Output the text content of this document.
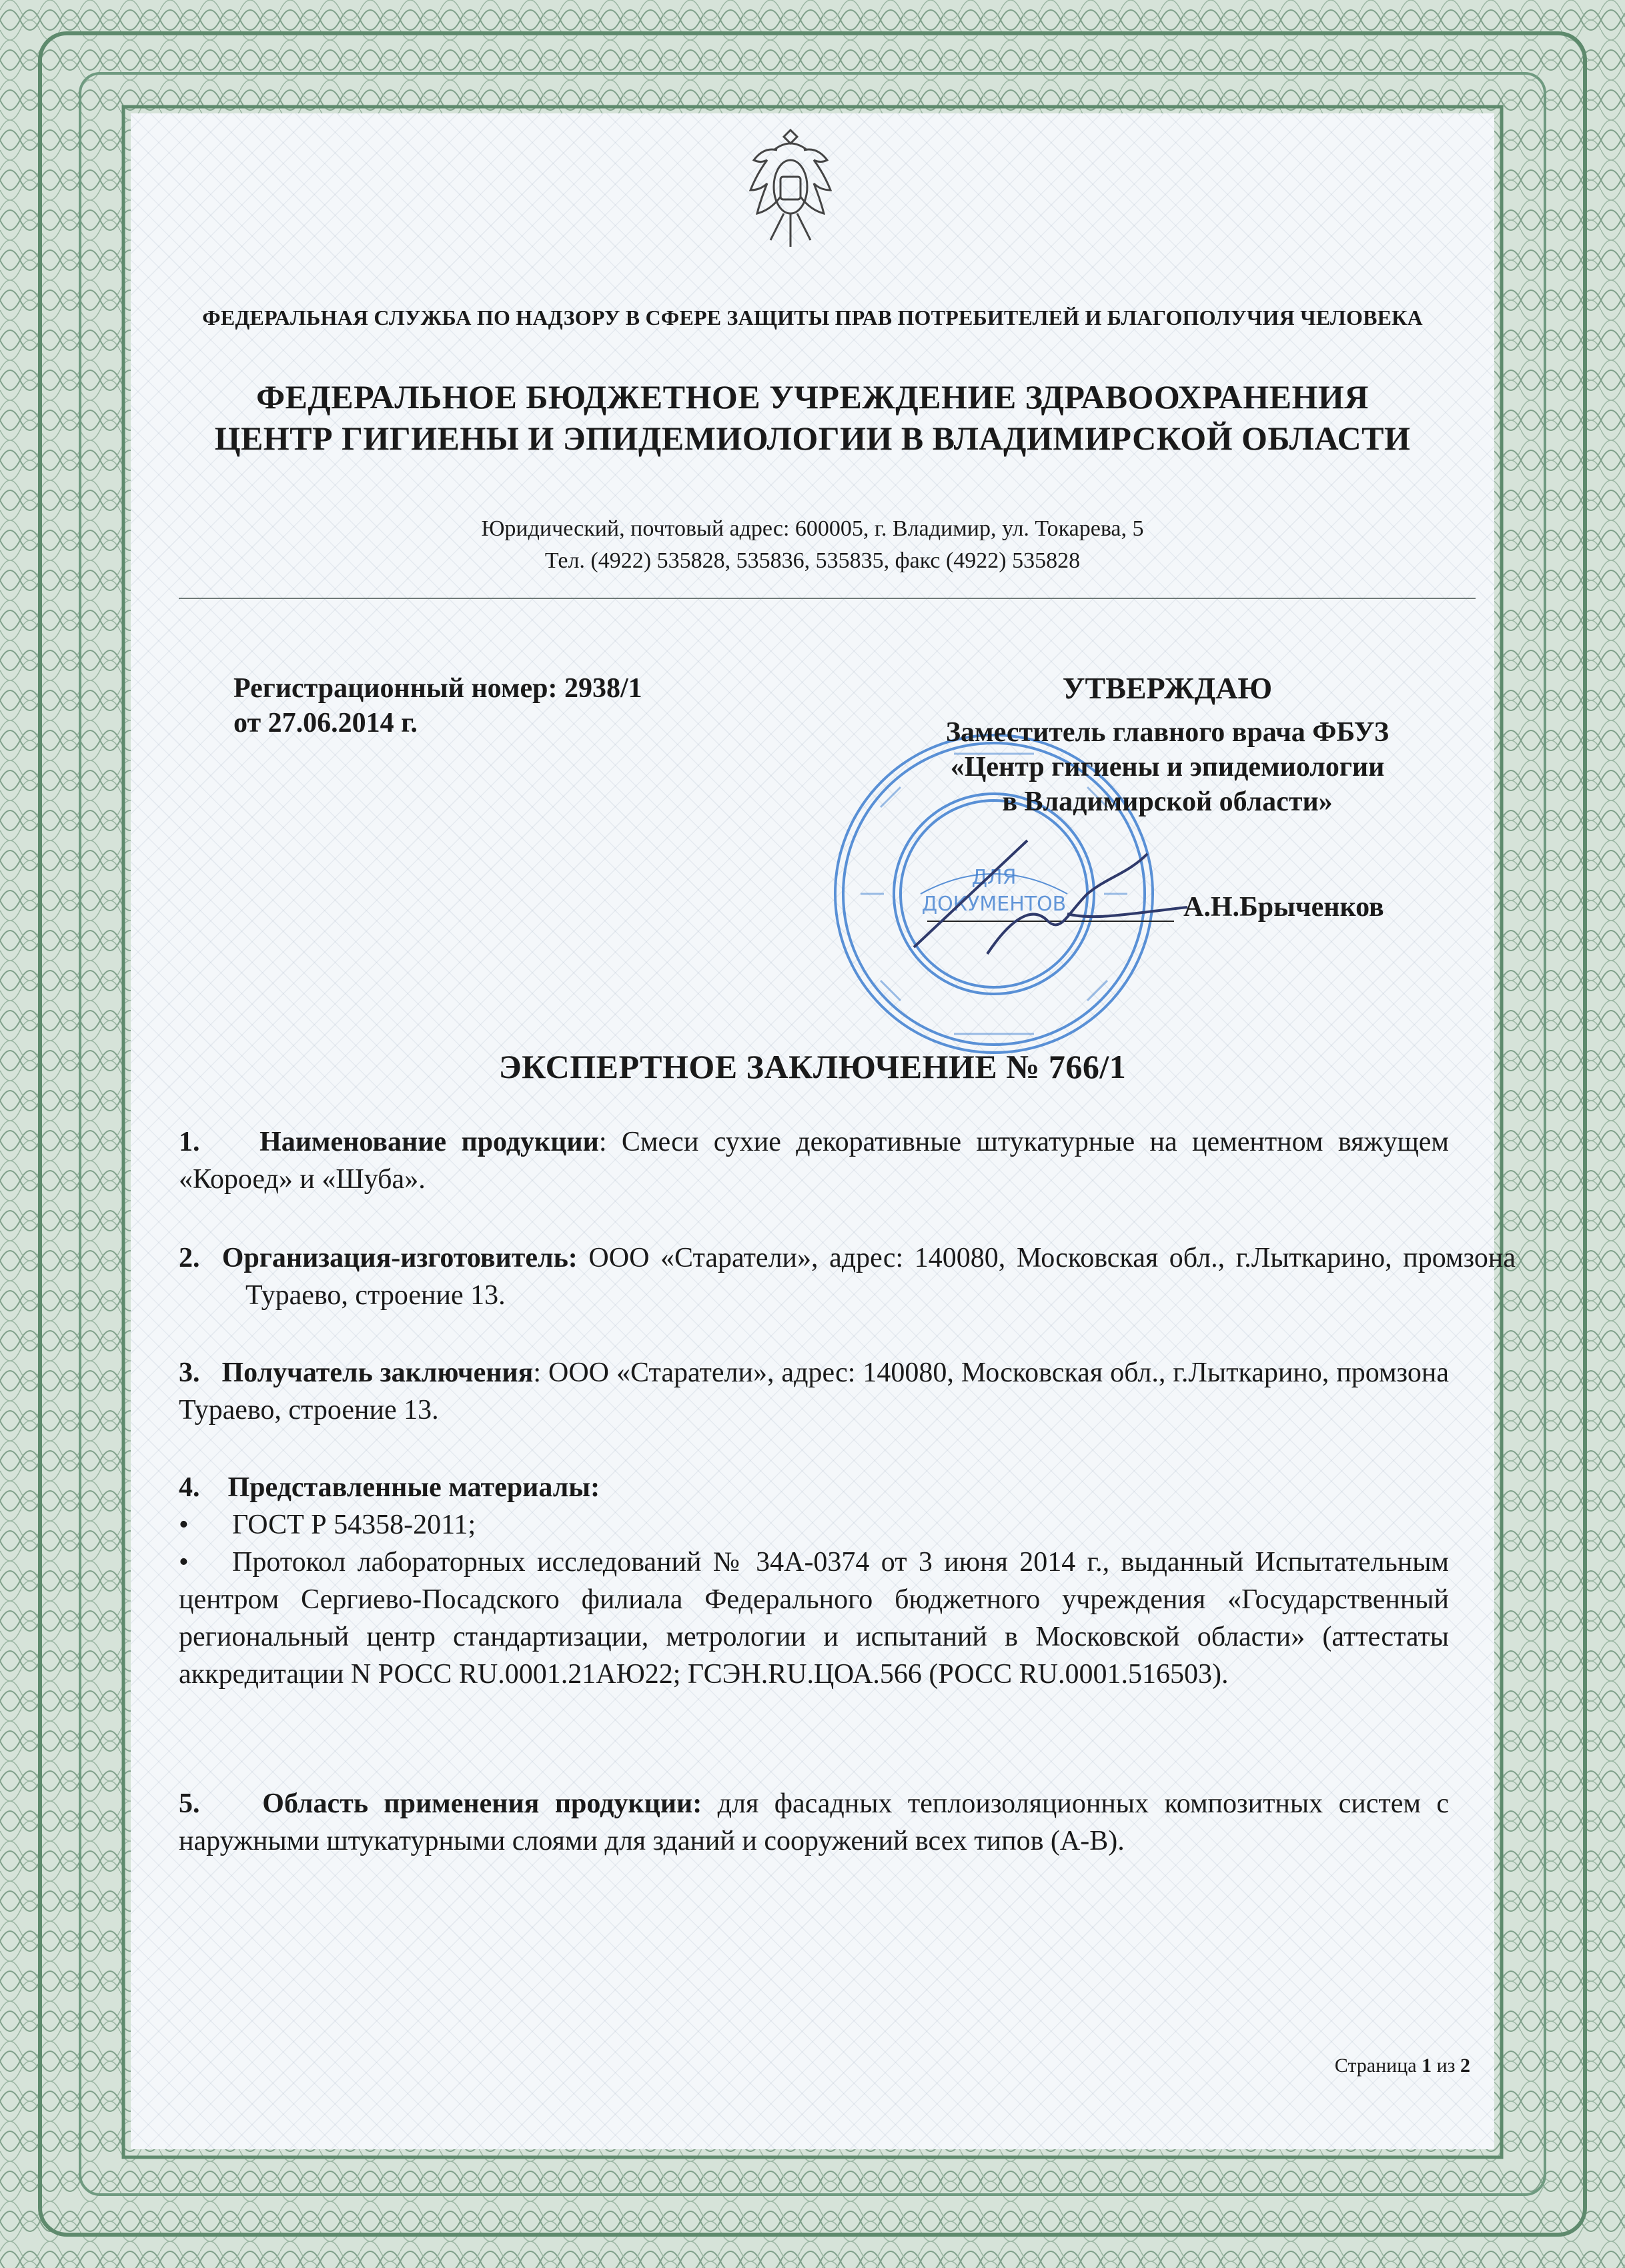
ФЕДЕРАЛЬНАЯ СЛУЖБА ПО НАДЗОРУ В СФЕРЕ ЗАЩИТЫ ПРАВ ПОТРЕБИТЕЛЕЙ И БЛАГОПОЛУЧИЯ ЧЕЛОВЕКА
ФЕДЕРАЛЬНОЕ БЮДЖЕТНОЕ УЧРЕЖДЕНИЕ ЗДРАВООХРАНЕНИЯ
ЦЕНТР ГИГИЕНЫ И ЭПИДЕМИОЛОГИИ В ВЛАДИМИРСКОЙ ОБЛАСТИ
Юридический, почтовый адрес: 600005, г. Владимир, ул. Токарева, 5
Тел. (4922) 535828, 535836, 535835, факс (4922) 535828
Регистрационный номер: 2938/1
от 27.06.2014 г.
ДЛЯ
ДОКУМЕНТОВ
УТВЕРЖДАЮ
Заместитель главного врача ФБУЗ
«Центр гигиены и эпидемиологии
в Владимирской области»
А.Н.Брыченков
ЭКСПЕРТНОЕ ЗАКЛЮЧЕНИЕ № 766/1
1. Наименование продукции: Смеси сухие декоративные штукатурные на цементном вяжущем «Короед» и «Шуба».
2. Организация-изготовитель: ООО «Старатели», адрес: 140080, Московская обл., г.Лыткарино, промзона Тураево, строение 13.
3. Получатель заключения: ООО «Старатели», адрес: 140080, Московская обл., г.Лыткарино, промзона Тураево, строение 13.
4. Представленные материалы:
• ГОСТ Р 54358-2011;
• Протокол лабораторных исследований № 34А-0374 от 3 июня 2014 г., выданный Испытательным центром Сергиево-Посадского филиала Федерального бюджетного учреждения «Государственный региональный центр стандартизации, метрологии и испытаний в Московской области» (аттестаты аккредитации N РОСС RU.0001.21АЮ22; ГСЭН.RU.ЦОА.566 (РОСС RU.0001.516503).
5. Область применения продукции: для фасадных теплоизоляционных композитных систем с наружными штукатурными слоями для зданий и сооружений всех типов (А-В).
Страница 1 из 2
